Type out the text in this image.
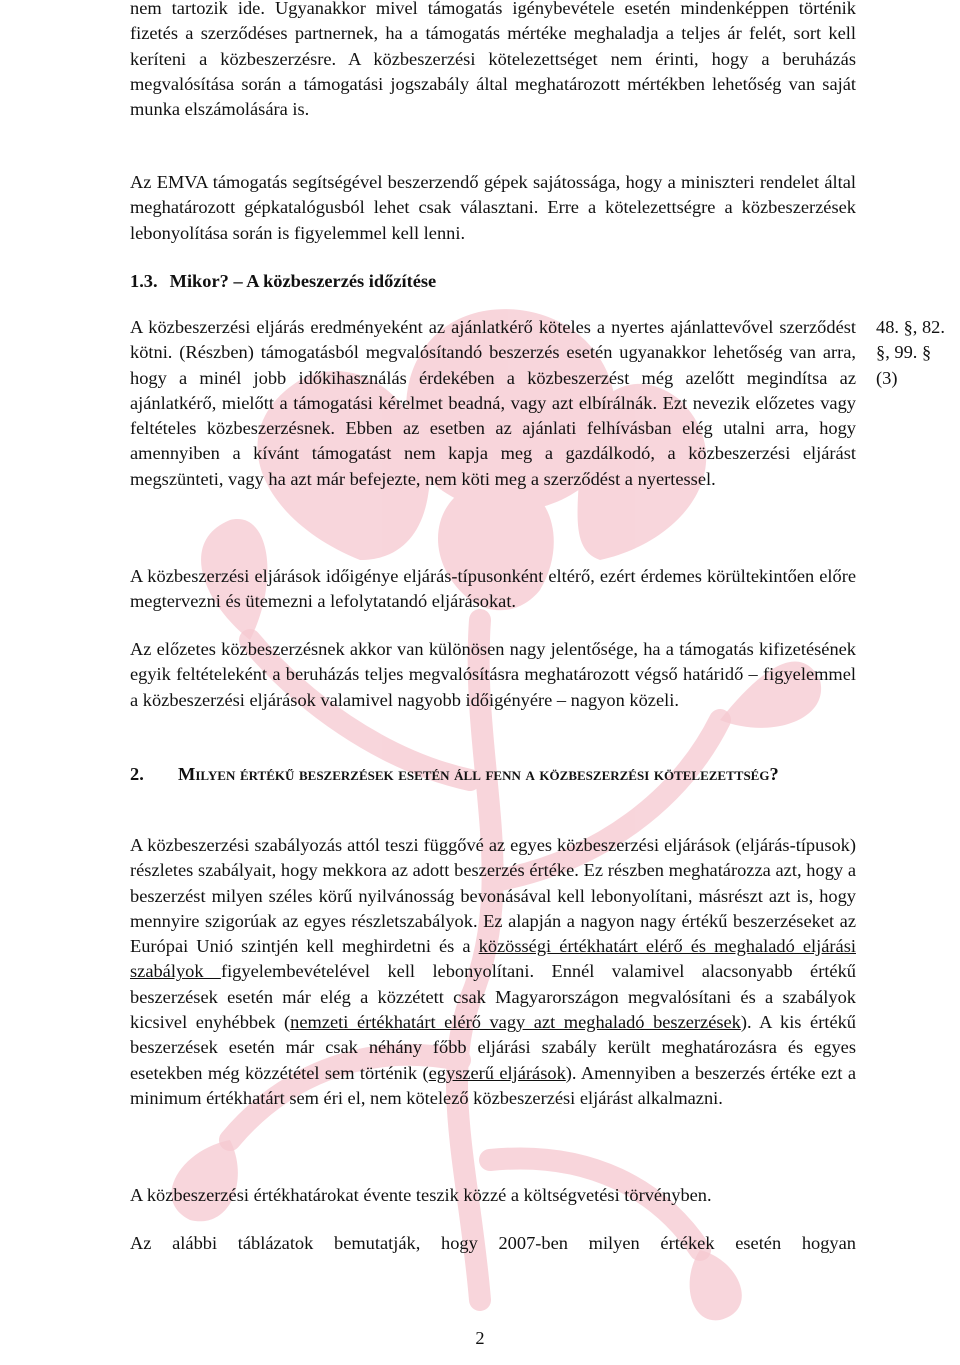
nem tartozik ide. Ugyanakkor mivel támogatás igénybevétele esetén mindenképpen történik fizetés a szerződéses partnernek, ha a támogatás mértéke meghaladja a teljes ár felét, sort kell keríteni a közbeszerzésre. A közbeszerzési kötelezettséget nem érinti, hogy a beruházás megvalósítása során a támogatási jogszabály által meghatározott mértékben lehetőség van saját munka elszámolására is.

Az EMVA támogatás segítségével beszerzendő gépek sajátossága, hogy a miniszteri rendelet által meghatározott gépkatalógusból lehet csak választani. Erre a kötelezettségre a közbeszerzések lebonyolítása során is figyelemmel kell lenni.

1.3. Mikor? – A közbeszerzés időzítése

A közbeszerzési eljárás eredményeként az ajánlatkérő köteles a nyertes ajánlattevővel szerződést kötni. (Részben) támogatásból megvalósítandó beszerzés esetén ugyanakkor lehetőség van arra, hogy a minél jobb időkihasználás érdekében a közbeszerzést még azelőtt megindítsa az ajánlatkérő, mielőtt a támogatási kérelmet beadná, vagy azt elbírálnák. Ezt nevezik előzetes vagy feltételes közbeszerzésnek. Ebben az esetben az ajánlati felhívásban elég utalni arra, hogy amennyiben a kívánt támogatást nem kapja meg a gazdálkodó, a közbeszerzési eljárást megszünteti, vagy ha azt már befejezte, nem köti meg a szerződést a nyertessel.

A közbeszerzési eljárások időigénye eljárás-típusonként eltérő, ezért érdemes körültekintően előre megtervezni és ütemezni a lefolytatandó eljárásokat.

Az előzetes közbeszerzésnek akkor van különösen nagy jelentősége, ha a támogatás kifizetésének egyik feltételeként a beruházás teljes megvalósításra meghatározott végső határidő – figyelemmel a közbeszerzési eljárások valamivel nagyobb időigényére – nagyon közeli.

2. Milyen értékű beszerzések esetén áll fenn a közbeszerzési kötelezettség?

A közbeszerzési szabályozás attól teszi függővé az egyes közbeszerzési eljárások (eljárás-típusok) részletes szabályait, hogy mekkora az adott beszerzés értéke. Ez részben meghatározza azt, hogy a beszerzést milyen széles körű nyilvánosság bevonásával kell lebonyolítani, másrészt azt is, hogy mennyire szigorúak az egyes részletszabályok. Ez alapján a nagyon nagy értékű beszerzéseket az Európai Unió szintjén kell meghirdetni és a közösségi értékhatárt elérő és meghaladó eljárási szabályok figyelembevételével kell lebonyolítani. Ennél valamivel alacsonyabb értékű beszerzések esetén már elég a közzétett csak Magyarországon megvalósítani és a szabályok kicsivel enyhébbek (nemzeti értékhatárt elérő vagy azt meghaladó beszerzések). A kis értékű beszerzések esetén már csak néhány főbb eljárási szabály került meghatározásra és egyes esetekben még közzététel sem történik (egyszerű eljárások). Amennyiben a beszerzés értéke ezt a minimum értékhatárt sem éri el, nem kötelező közbeszerzési eljárást alkalmazni.

A közbeszerzési értékhatárokat évente teszik közzé a költségvetési törvényben.

Az alábbi táblázatok bemutatják, hogy 2007-ben milyen értékek esetén hogyan

48. §, 82.
§, 99. §
(3)
2
